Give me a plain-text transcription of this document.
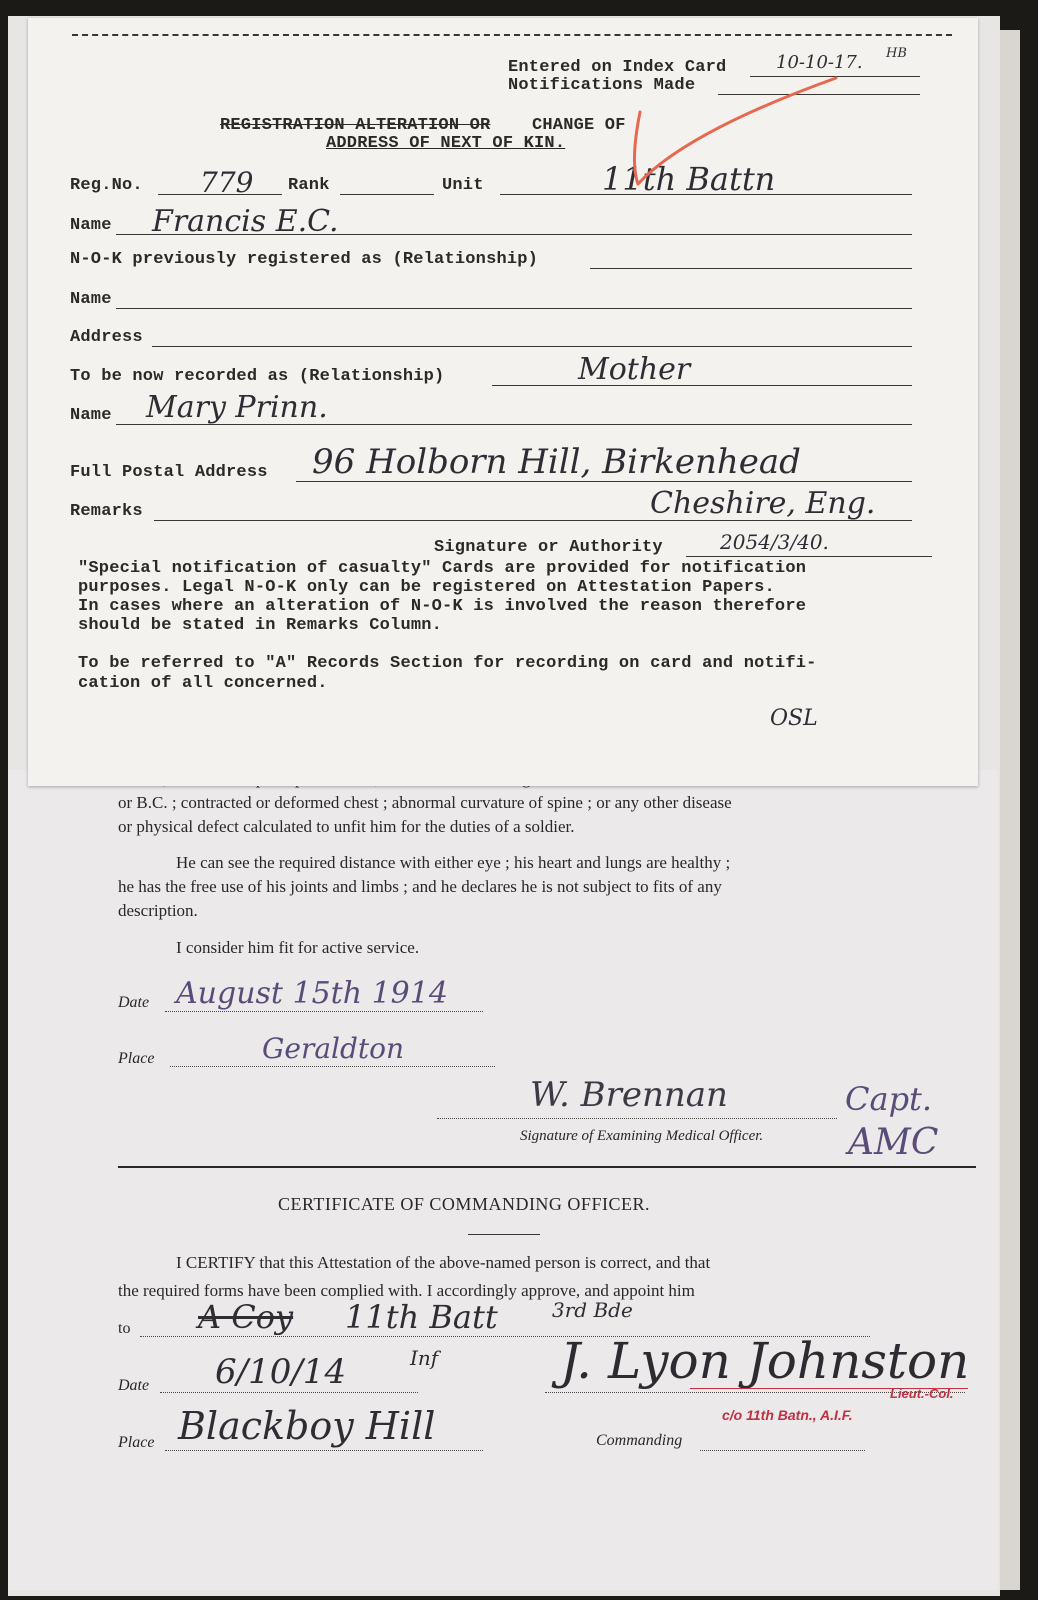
or B.C. ; contracted or deformed chest ; abnormal curvature of spine ; or any other disease
or physical defect calculated to unfit him for the duties of a soldier.
He can see the required distance with either eye ; his heart and lungs are healthy ;
he has the free use of his joints and limbs ; and he declares he is not subject to fits of any
description.
I consider him fit for active service.
Date August 15th 1914
Place	Geraldton
W. Brennan
Signature of Examining Medical Officer.
Capt.
AMC
CERTIFICATE OF COMMANDING OFFICER.
I CERTIFY that this Attestation of the above-named person is correct, and that
the required forms have been complied with. I accordingly approve, and appoint him
to A Coy 11th Batt	3rd Bde
Inf
Date 6/10/14	J. Lyon Johnston
Lieut.-Col.
c/o 11th Batn., A.I.F.
Place Blackboy Hill	Commanding
Entered on Index Card	10-10-17. HB
Notifications Made
REGISTRATION ALTERATION OR CHANGE OF
ADDRESS OF NEXT OF KIN.
Reg.No. 779 Rank	Unit	11th Battn
Name Francis E.C.
N-O-K previously registered as (Relationship)
Name
Address
To be now recorded as (Relationship)	Mother
Name Mary Prinn.
Full Postal Address 96 Holborn Hill, Birkenhead
Remarks	Cheshire, Eng.
Signature or Authority	2054/3/40.
"Special notification of casualty" Cards are provided for notification
purposes. Legal N-O-K only can be registered on Attestation Papers.
In cases where an alteration of N-O-K is involved the reason therefore
should be stated in Remarks Column.
To be referred to "A" Records Section for recording on card and notifi-
cation of all concerned.
OSL
